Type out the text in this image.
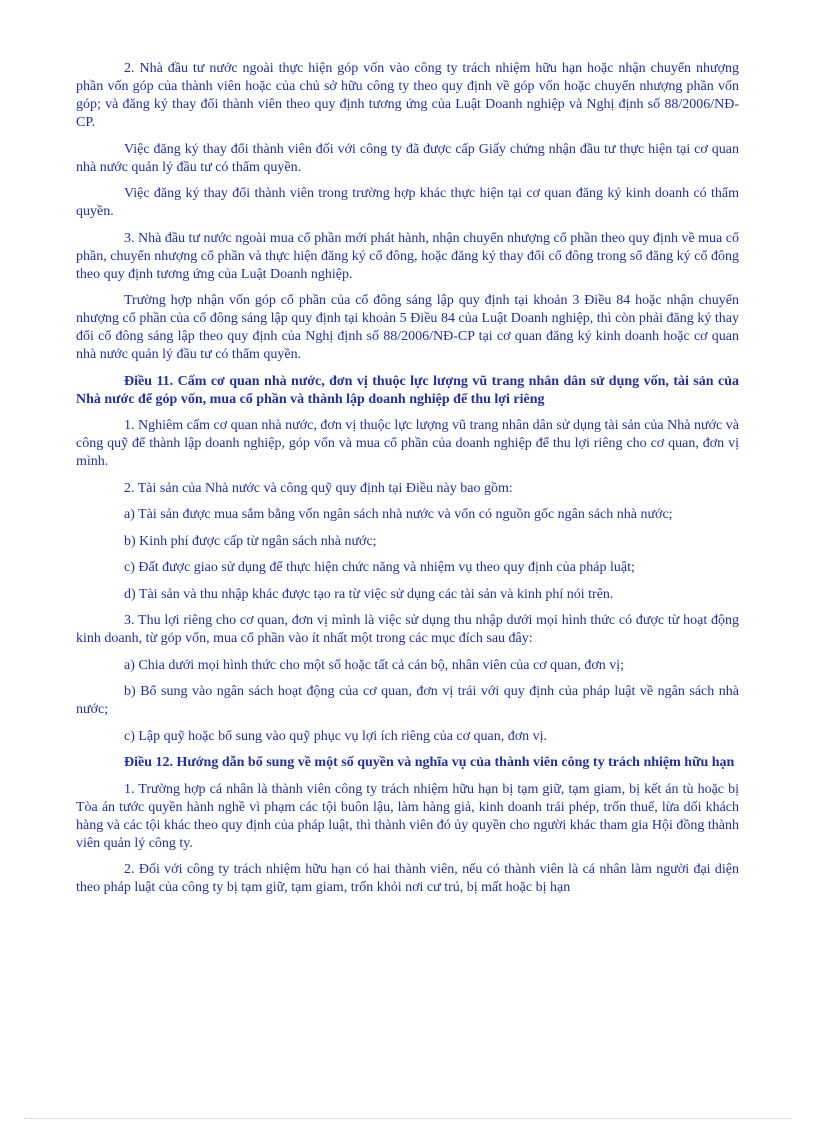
2. Nhà đầu tư nước ngoài thực hiện góp vốn vào công ty trách nhiệm hữu hạn hoặc nhận chuyển nhượng phần vốn góp của thành viên hoặc của chủ sở hữu công ty theo quy định về góp vốn hoặc chuyển nhượng phần vốn góp; và đăng ký thay đổi thành viên theo quy định tương ứng của Luật Doanh nghiệp và Nghị định số 88/2006/NĐ-CP.

Việc đăng ký thay đổi thành viên đối với công ty đã được cấp Giấy chứng nhận đầu tư thực hiện tại cơ quan nhà nước quản lý đầu tư có thẩm quyền.

Việc đăng ký thay đổi thành viên trong trường hợp khác thực hiện tại cơ quan đăng ký kinh doanh có thẩm quyền.

3. Nhà đầu tư nước ngoài mua cổ phần mới phát hành, nhận chuyển nhượng cổ phần theo quy định về mua cổ phần, chuyển nhượng cổ phần và thực hiện đăng ký cổ đông, hoặc đăng ký thay đổi cổ đông trong sổ đăng ký cổ đông theo quy định tương ứng của Luật Doanh nghiệp.

Trường hợp nhận vốn góp cổ phần của cổ đông sáng lập quy định tại khoản 3 Điều 84 hoặc nhận chuyển nhượng cổ phần của cổ đông sáng lập quy định tại khoản 5 Điều 84 của Luật Doanh nghiệp, thì còn phải đăng ký thay đổi cổ đông sáng lập theo quy định của Nghị định số 88/2006/NĐ-CP tại cơ quan đăng ký kinh doanh hoặc cơ quan nhà nước quản lý đầu tư có thẩm quyền.

Điều 11. Cấm cơ quan nhà nước, đơn vị thuộc lực lượng vũ trang nhân dân sử dụng vốn, tài sản của Nhà nước để góp vốn, mua cổ phần và thành lập doanh nghiệp để thu lợi riêng

1. Nghiêm cấm cơ quan nhà nước, đơn vị thuộc lực lượng vũ trang nhân dân sử dụng tài sản của Nhà nước và công quỹ để thành lập doanh nghiệp, góp vốn và mua cổ phần của doanh nghiệp để thu lợi riêng cho cơ quan, đơn vị mình.

2. Tài sản của Nhà nước và công quỹ quy định tại Điều này bao gồm:

a) Tài sản được mua sắm bằng vốn ngân sách nhà nước và vốn có nguồn gốc ngân sách nhà nước;

b) Kinh phí được cấp từ ngân sách nhà nước;

c) Đất được giao sử dụng để thực hiện chức năng và nhiệm vụ theo quy định của pháp luật;

d) Tài sản và thu nhập khác được tạo ra từ việc sử dụng các tài sản và kinh phí nói trên.

3. Thu lợi riêng cho cơ quan, đơn vị mình là việc sử dụng thu nhập dưới mọi hình thức có được từ hoạt động kinh doanh, từ góp vốn, mua cổ phần vào ít nhất một trong các mục đích sau đây:

a) Chia dưới mọi hình thức cho một số hoặc tất cả cán bộ, nhân viên của cơ quan, đơn vị;

b) Bổ sung vào ngân sách hoạt động của cơ quan, đơn vị trái với quy định của pháp luật về ngân sách nhà nước;

c) Lập quỹ hoặc bổ sung vào quỹ phục vụ lợi ích riêng của cơ quan, đơn vị.

Điều 12. Hướng dẫn bổ sung về một số quyền và nghĩa vụ của thành viên công ty trách nhiệm hữu hạn

1. Trường hợp cá nhân là thành viên công ty trách nhiệm hữu hạn bị tạm giữ, tạm giam, bị kết án tù hoặc bị Tòa án tước quyền hành nghề vì phạm các tội buôn lậu, làm hàng giả, kinh doanh trái phép, trốn thuế, lừa dối khách hàng và các tội khác theo quy định của pháp luật, thì thành viên đó ủy quyền cho người khác tham gia Hội đồng thành viên quản lý công ty.

2. Đối với công ty trách nhiệm hữu hạn có hai thành viên, nếu có thành viên là cá nhân làm người đại diện theo pháp luật của công ty bị tạm giữ, tạm giam, trốn khỏi nơi cư trú, bị mất hoặc bị hạn
